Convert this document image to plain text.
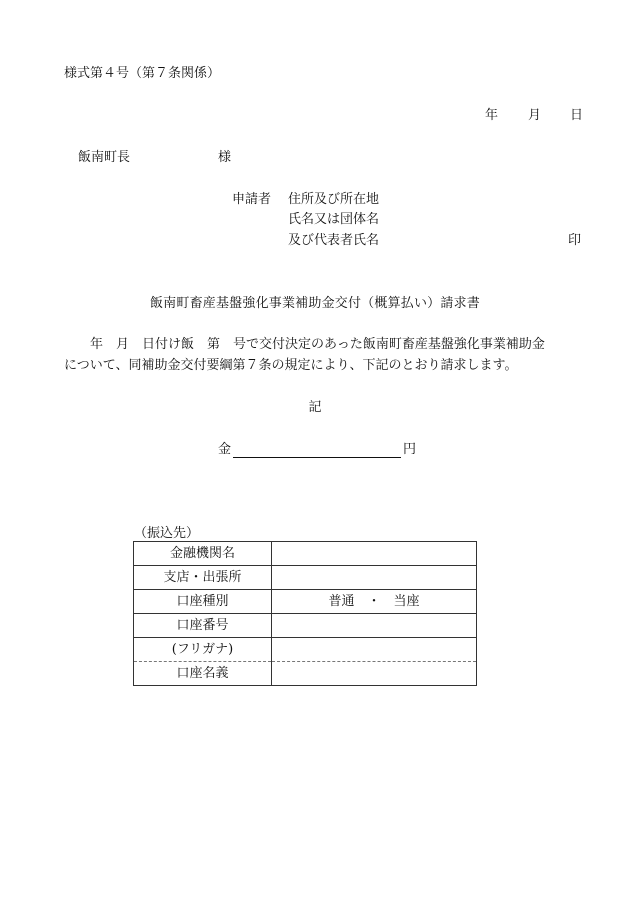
様式第４号（第７条関係）
年 月 日
飯南町長	様
申請者 住所及び所在地
氏名又は団体名
及び代表者氏名	印
飯南町畜産基盤強化事業補助金交付（概算払い）請求書
年　月　日付け飯　第　号で交付決定のあった飯南町畜産基盤強化事業補助金
について、同補助金交付要綱第７条の規定により、下記のとおり請求します。
記
金	円
（振込先）
金融機関名	
支店・出張所	
口座種別	普通　・　当座
口座番号	
(フリガナ)	
口座名義	
